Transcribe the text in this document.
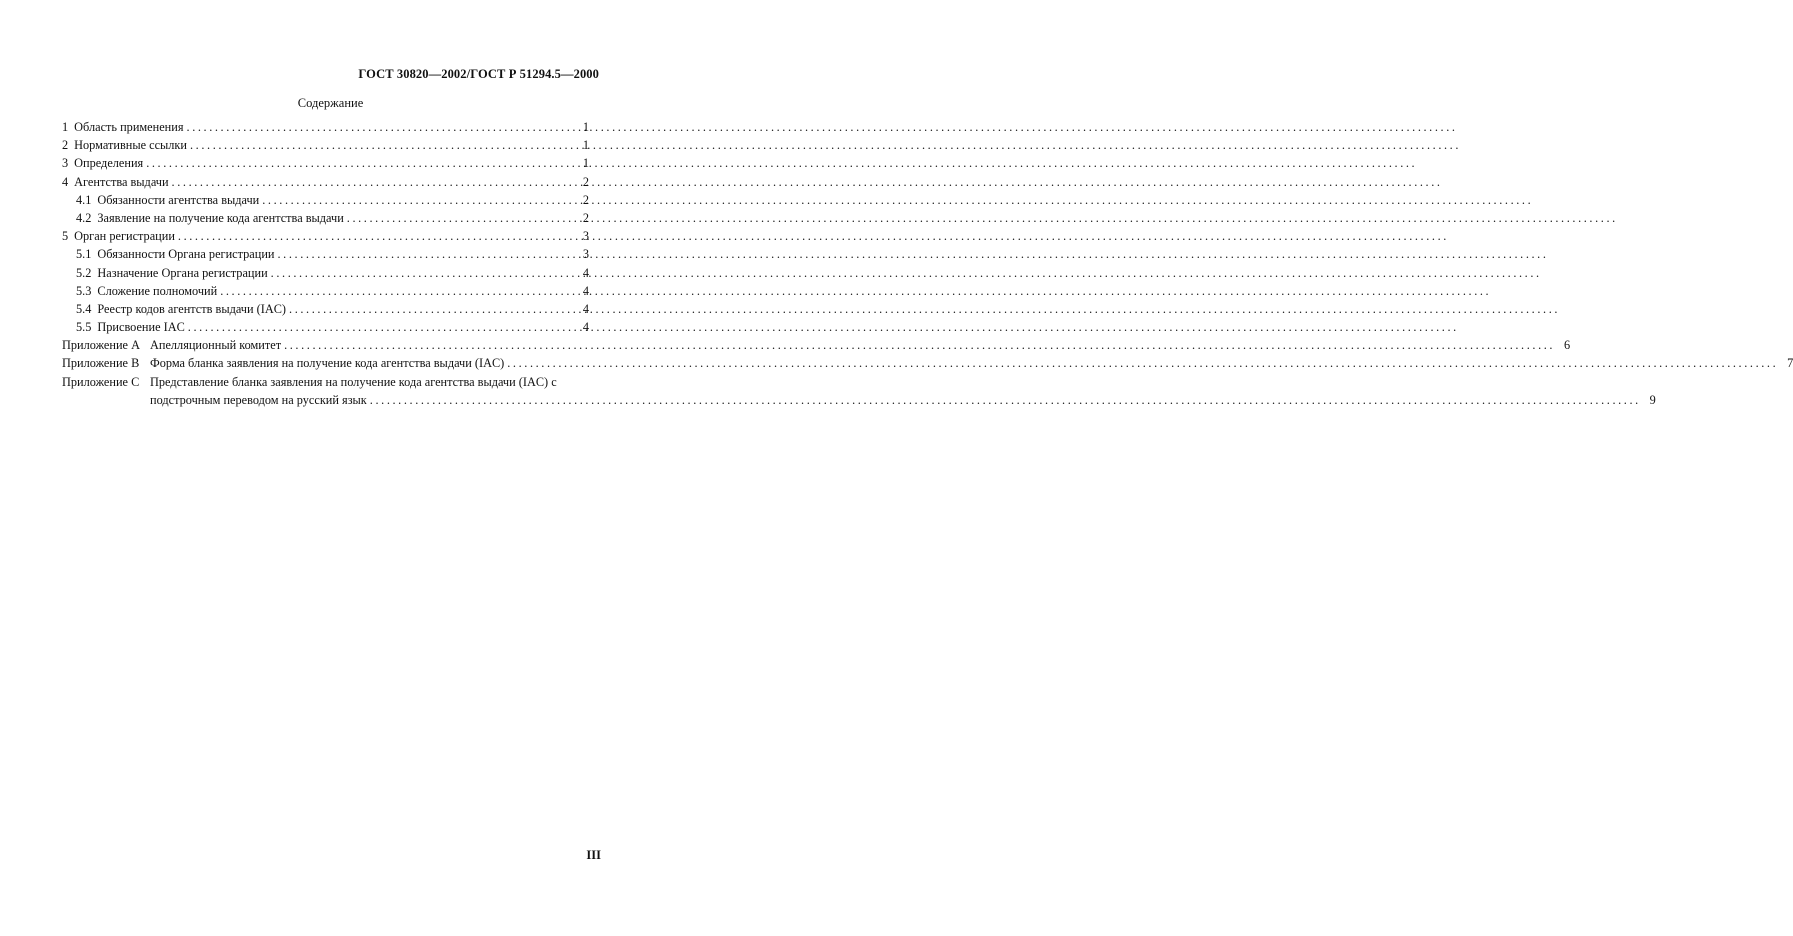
ГОСТ 30820—2002/ГОСТ Р 51294.5—2000
Содержание
1 Область применения .....	1
2 Нормативные ссылки .....	1
3 Определения .....	1
4 Агентства выдачи .....	2
4.1 Обязанности агентства выдачи .....	2
4.2 Заявление на получение кода агентства выдачи .....	2
5 Орган регистрации .....	3
5.1 Обязанности Органа регистрации .....	3
5.2 Назначение Органа регистрации .....	4
5.3 Сложение полномочий .....	4
5.4 Реестр кодов агентств выдачи (IAC) .....	4
5.5 Присвоение IAC .....	4
Приложение А Апелляционный комитет .....	6
Приложение В Форма бланка заявления на получение кода агентства выдачи (IAC) .....	7
Приложение С Представление бланка заявления на получение кода агентства выдачи (IAC) с
подстрочным переводом на русский язык .....	9
III
